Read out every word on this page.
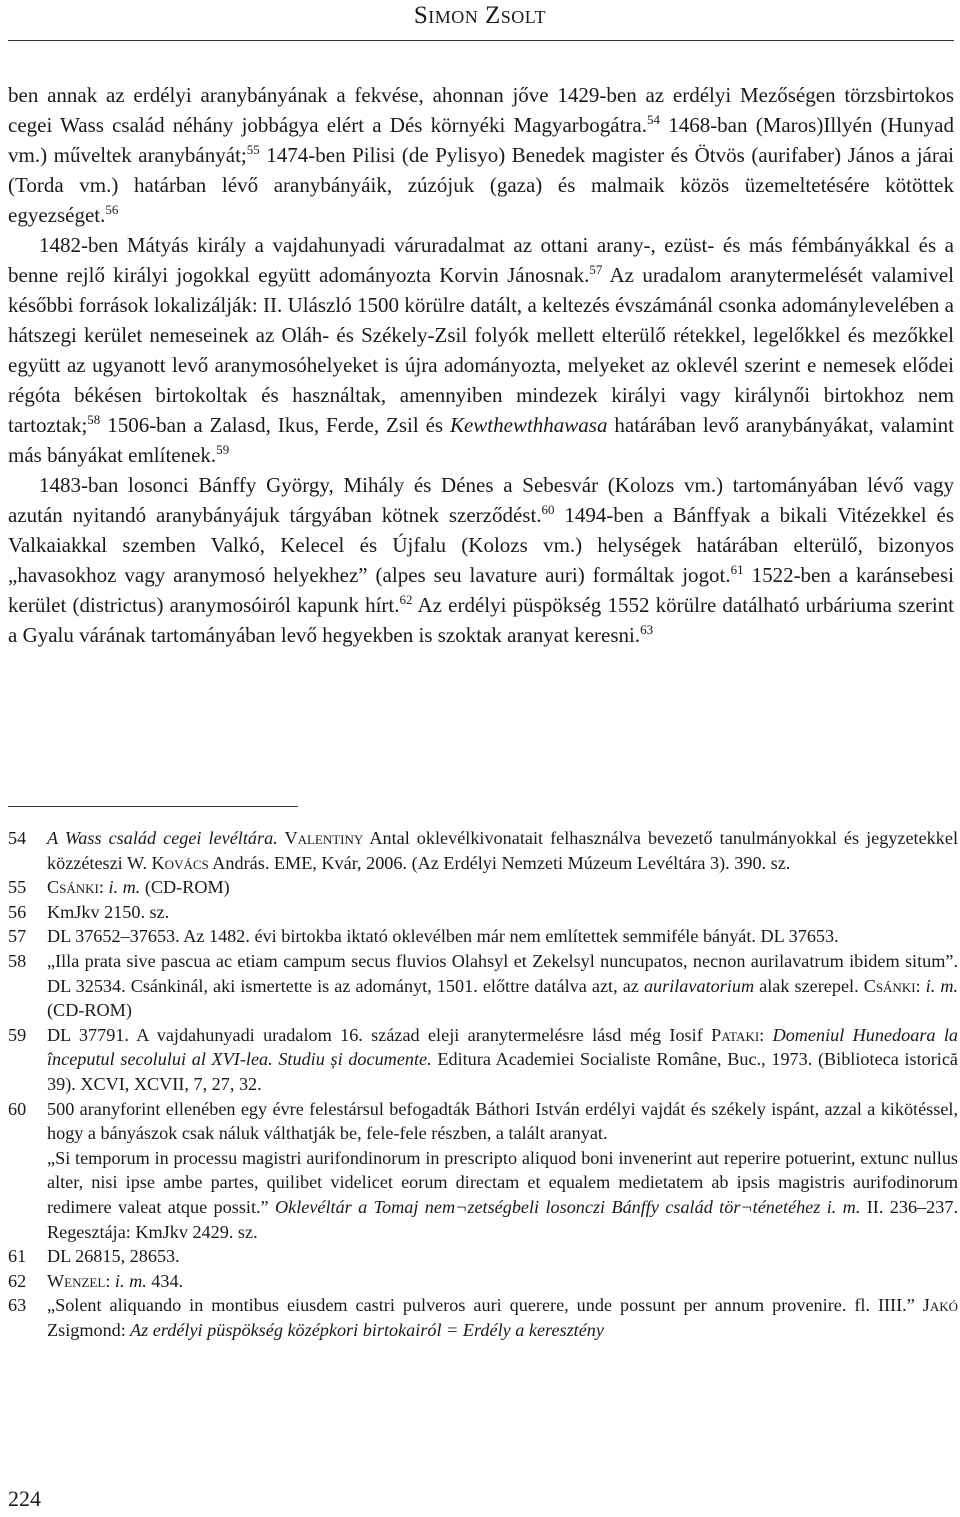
Simon Zsolt

ben annak az erdélyi aranybányának a fekvése, ahonnan jőve 1429-ben az erdélyi Mezőségen törzsbirtokos cegei Wass család néhány jobbágya elért a Dés környéki Magyarbogátra.$^{54}$ 1468-ban (Maros)Illyén (Hunyad vm.) műveltek aranybányát;$^{55}$ 1474-ben Pilisi (de Pylisyo) Benedek magister és Ötvös (aurifaber) János a járai (Torda vm.) határban lévő aranybányáik, zúzójuk (gaza) és malmaik közös üzemeltetésére kötöttek egyezséget.$^{56}$

1482-ben Mátyás király a vajdahunyadi váruradalmat az ottani arany-, ezüst- és más fémbányákkal és a benne rejlő királyi jogokkal együtt adományozta Korvin Jánosnak.$^{57}$ Az uradalom aranytermelését valamivel későbbi források lokalizálják: II. Ulászló 1500 körülre datált, a keltezés évszámánál csonka adománylevelében a hátszegi kerület nemeseinek az Oláh- és Székely-Zsil folyók mellett elterülő rétekkel, legelőkkel és mezőkkel együtt az ugyanott levő aranymosóhelyeket is újra adományozta, melyeket az oklevél szerint e nemesek elődei régóta békésen birtokoltak és használtak, amennyiben mindezek királyi vagy királynői birtokhoz nem tartoztak;$^{58}$ 1506-ban a Zalasd, Ikus, Ferde, Zsil és Kewthewthhawasa határában levő aranybányákat, valamint más bányákat említenek.$^{59}$

1483-ban losonci Bánffy György, Mihály és Dénes a Sebesvár (Kolozs vm.) tartományában lévő vagy azután nyitandó aranybányájuk tárgyában kötnek szerződést.$^{60}$ 1494-ben a Bánffyak a bikali Vitézekkel és Valkaiakkal szemben Valkó, Kelecel és Újfalu (Kolozs vm.) helységek határában elterülő, bizonyos „havasokhoz vagy aranymosó helyekhez” (alpes seu lavature auri) formáltak jogot.$^{61}$ 1522-ben a karánsebesi kerület (districtus) aranymosóiról kapunk hírt.$^{62}$ Az erdélyi püspökség 1552 körülre datálható urbáriuma szerint a Gyalu várának tartományában levő hegyekben is szoktak aranyat keresni.$^{63}$

54	A Wass család cegei levéltára. Valentiny Antal oklevélkivonatait felhasználva bevezető tanulmányokkal és jegyzetekkel közzéteszi W. Kovács András. EME, Kvár, 2006. (Az Erdélyi Nemzeti Múzeum Levéltára 3). 390. sz.
55	Csánki: i. m. (CD-ROM)
56	KmJkv 2150. sz.
57	DL 37652–37653. Az 1482. évi birtokba iktató oklevélben már nem említettek semmiféle bányát. DL 37653.
58	„Illa prata sive pascua ac etiam campum secus fluvios Olahsyl et Zekelsyl nuncupatos, necnon aurilavatrum ibidem situm”. DL 32534. Csánkinál, aki ismertette is az adományt, 1501. előttre datálva azt, az aurilavatorium alak szerepel. Csánki: i. m. (CD-ROM)
59	DL 37791. A vajdahunyadi uradalom 16. század eleji aranytermelésre lásd még Iosif Pataki: Domeniul Hunedoara la începutul secolului al XVI-lea. Studiu și documente. Editura Academiei Socialiste Române, Buc., 1973. (Biblioteca istorică 39). XCVI, XCVII, 7, 27, 32.
60	500 aranyforint ellenében egy évre felestársul befogadták Báthori István erdélyi vajdát és székely ispánt, azzal a kikötéssel, hogy a bányászok csak náluk válthatják be, fele-fele részben, a talált aranyat.

„Si temporum in processu magistri aurifondinorum in prescripto aliquod boni invenerint aut reperire potuerint, extunc nullus alter, nisi ipse ambe partes, quilibet videlicet eorum directam et equalem medietatem ab ipsis magistris aurifodinorum redimere valeat atque possit.” Oklevéltár a Tomaj nem¬zetségbeli losonczi Bánffy család tör¬ténetéhez i. m. II. 236–237. Regesztája: KmJkv 2429. sz.

61	DL 26815, 28653.
62	Wenzel: i. m. 434.
63	„Solent aliquando in montibus eiusdem castri pulveros auri querere, unde possunt per annum provenire. fl. IIII.” Jakó Zsigmond: Az erdélyi püspökség középkori birtokairól = Erdély a keresztény
224
